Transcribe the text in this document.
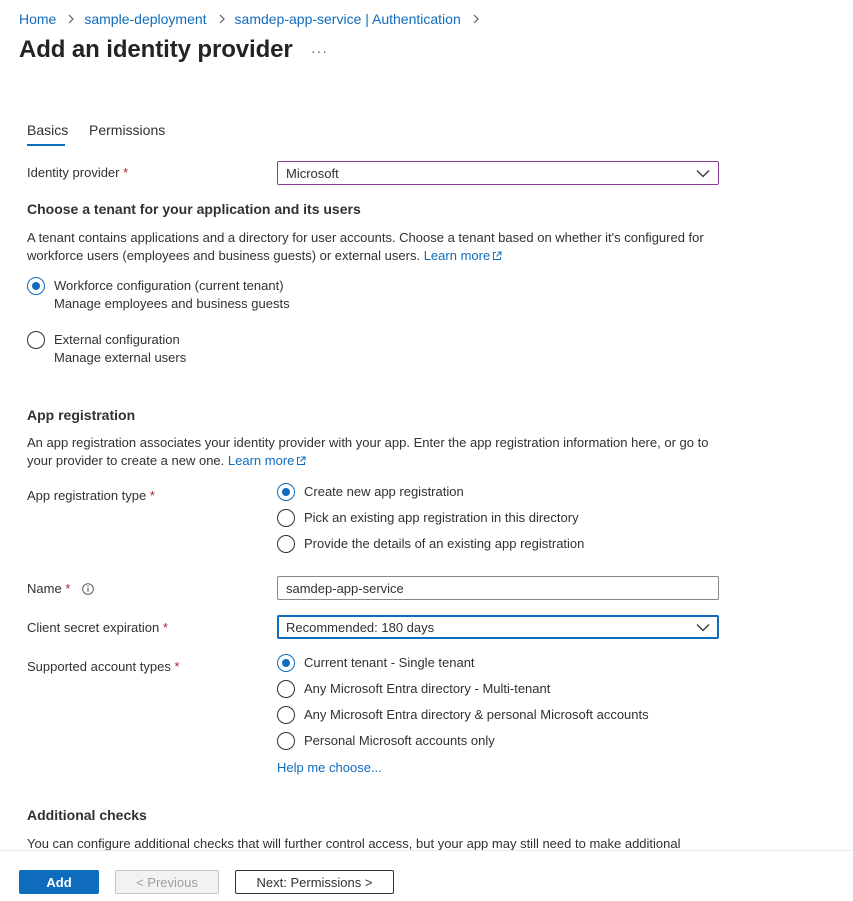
Home sample-deployment samdep-app-service | Authentication
Add an identity provider ···
Basics Permissions
Identity provider *	Microsoft
Choose a tenant for your application and its users
A tenant contains applications and a directory for user accounts. Choose a tenant based on whether it's configured for workforce users (employees and business guests) or external users. Learn more
Workforce configuration (current tenant)
Manage employees and business guests
External configuration
Manage external users
App registration
An app registration associates your identity provider with your app. Enter the app registration information here, or go to your provider to create a new one. Learn more
App registration type *	Create new app registration
Pick an existing app registration in this directory
Provide the details of an existing app registration
Name *	samdep-app-service
Client secret expiration *	Recommended: 180 days
Supported account types *	Current tenant - Single tenant
Any Microsoft Entra directory - Multi-tenant
Any Microsoft Entra directory & personal Microsoft accounts
Personal Microsoft accounts only
Help me choose...
Additional checks
You can configure additional checks that will further control access, but your app may still need to make additional
Add	< Previous	Next: Permissions >
